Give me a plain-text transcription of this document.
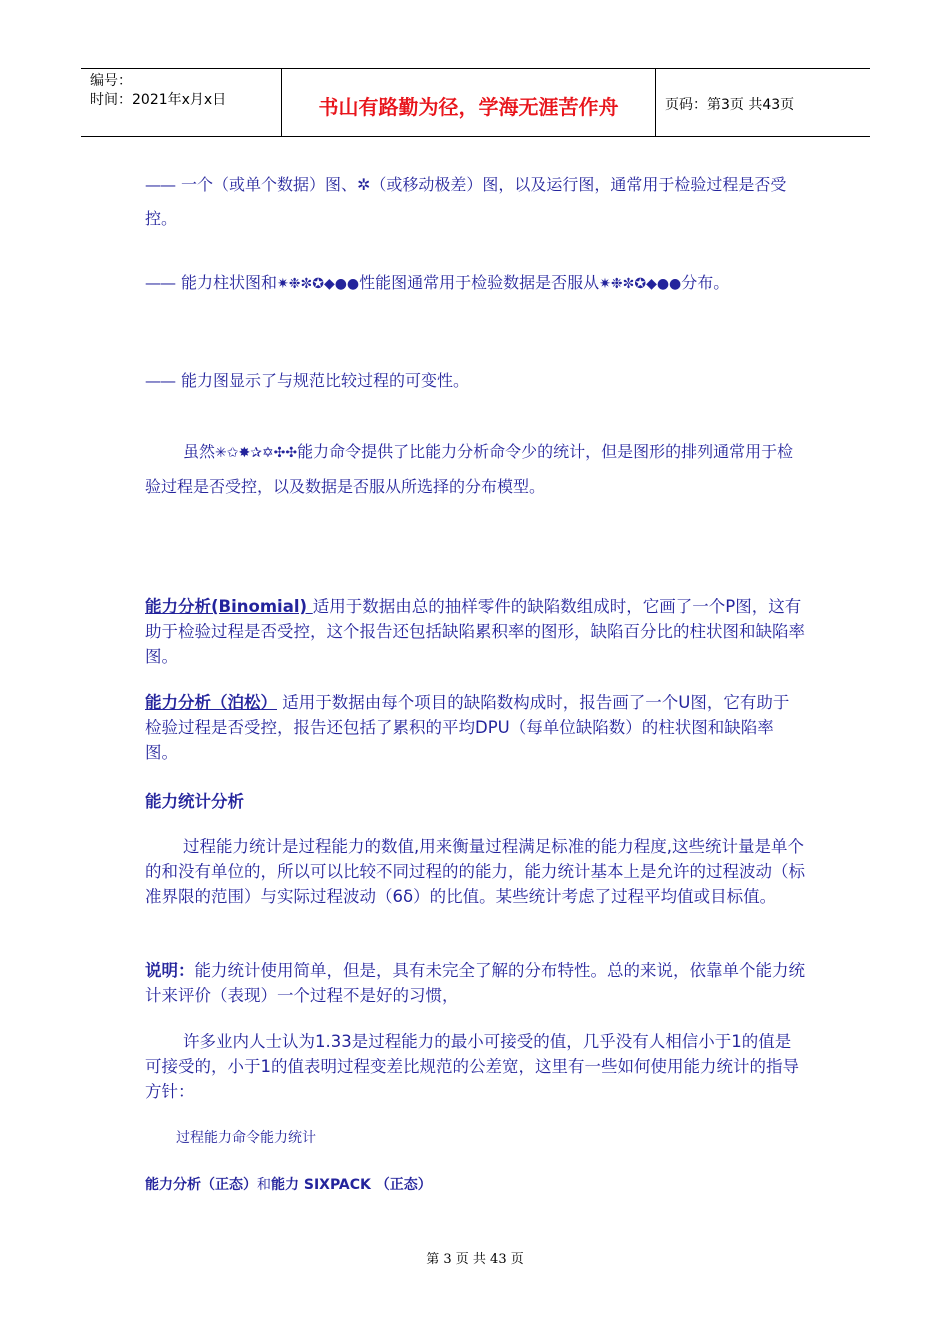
编号：
时间：2021年x月x日	书山有路勤为径，学海无涯苦作舟	页码：第3页 共43页
—— 一个（或单个数据）图、✲（或移动极差）图，以及运行图，通常用于检验过程是否受控。
—— 能力柱状图和✷❉✼✪◆●●性能图通常用于检验数据是否服从✷❉✼✪◆●●分布。
—— 能力图显示了与规范比较过程的可变性。
虽然✳✩✸✰✡✣✣能力命令提供了比能力分析命令少的统计，但是图形的排列通常用于检验过程是否受控，以及数据是否服从所选择的分布模型。
能力分析(Binomial) 适用于数据由总的抽样零件的缺陷数组成时，它画了一个P图，这有助于检验过程是否受控，这个报告还包括缺陷累积率的图形，缺陷百分比的柱状图和缺陷率图。
能力分析（泊松） 适用于数据由每个项目的缺陷数构成时，报告画了一个U图，它有助于检验过程是否受控，报告还包括了累积的平均DPU（每单位缺陷数）的柱状图和缺陷率图。
能力统计分析
过程能力统计是过程能力的数值,用来衡量过程满足标准的能力程度,这些统计量是单个的和没有单位的，所以可以比较不同过程的的能力，能力统计基本上是允许的过程波动（标准界限的范围）与实际过程波动（6δ）的比值。某些统计考虑了过程平均值或目标值。
说明：能力统计使用简单，但是，具有未完全了解的分布特性。总的来说，依靠单个能力统计来评价（表现）一个过程不是好的习惯，
许多业内人士认为1.33是过程能力的最小可接受的值，几乎没有人相信小于1的值是可接受的，小于1的值表明过程变差比规范的公差宽，这里有一些如何使用能力统计的指导方针：
过程能力命令能力统计
能力分析（正态）和能力 SIXPACK （正态）
第 3 页 共 43 页
